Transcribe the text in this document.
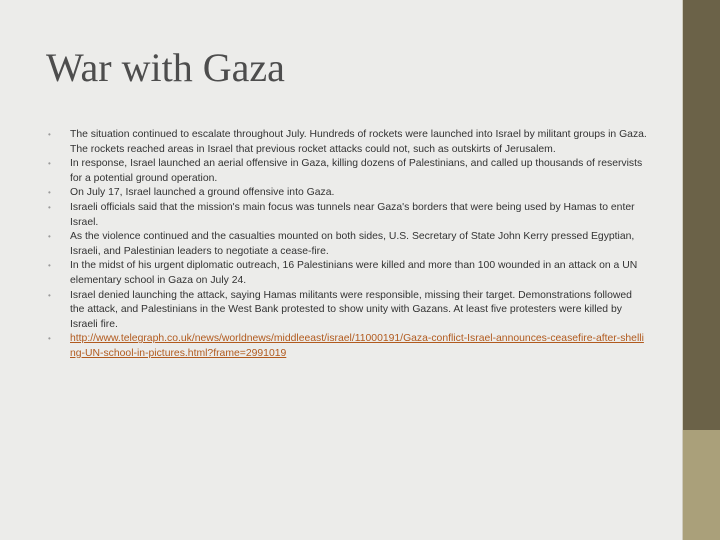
War with Gaza
• The situation continued to escalate throughout July. Hundreds of rockets were launched into Israel by militant groups in Gaza. The rockets reached areas in Israel that previous rocket attacks could not, such as outskirts of Jerusalem.
• In response, Israel launched an aerial offensive in Gaza, killing dozens of Palestinians, and called up thousands of reservists for a potential ground operation.
• On July 17, Israel launched a ground offensive into Gaza.
• Israeli officials said that the mission's main focus was tunnels near Gaza's borders that were being used by Hamas to enter Israel.
• As the violence continued and the casualties mounted on both sides, U.S. Secretary of State John Kerry pressed Egyptian, Israeli, and Palestinian leaders to negotiate a cease-fire.
• In the midst of his urgent diplomatic outreach, 16 Palestinians were killed and more than 100 wounded in an attack on a UN elementary school in Gaza on July 24.
• Israel denied launching the attack, saying Hamas militants were responsible, missing their target. Demonstrations followed the attack, and Palestinians in the West Bank protested to show unity with Gazans. At least five protesters were killed by Israeli fire.
• http://www.telegraph.co.uk/news/worldnews/middleeast/israel/11000191/Gaza-conflict-Israel-announces-ceasefire-after-shelling-UN-school-in-pictures.html?frame=2991019
